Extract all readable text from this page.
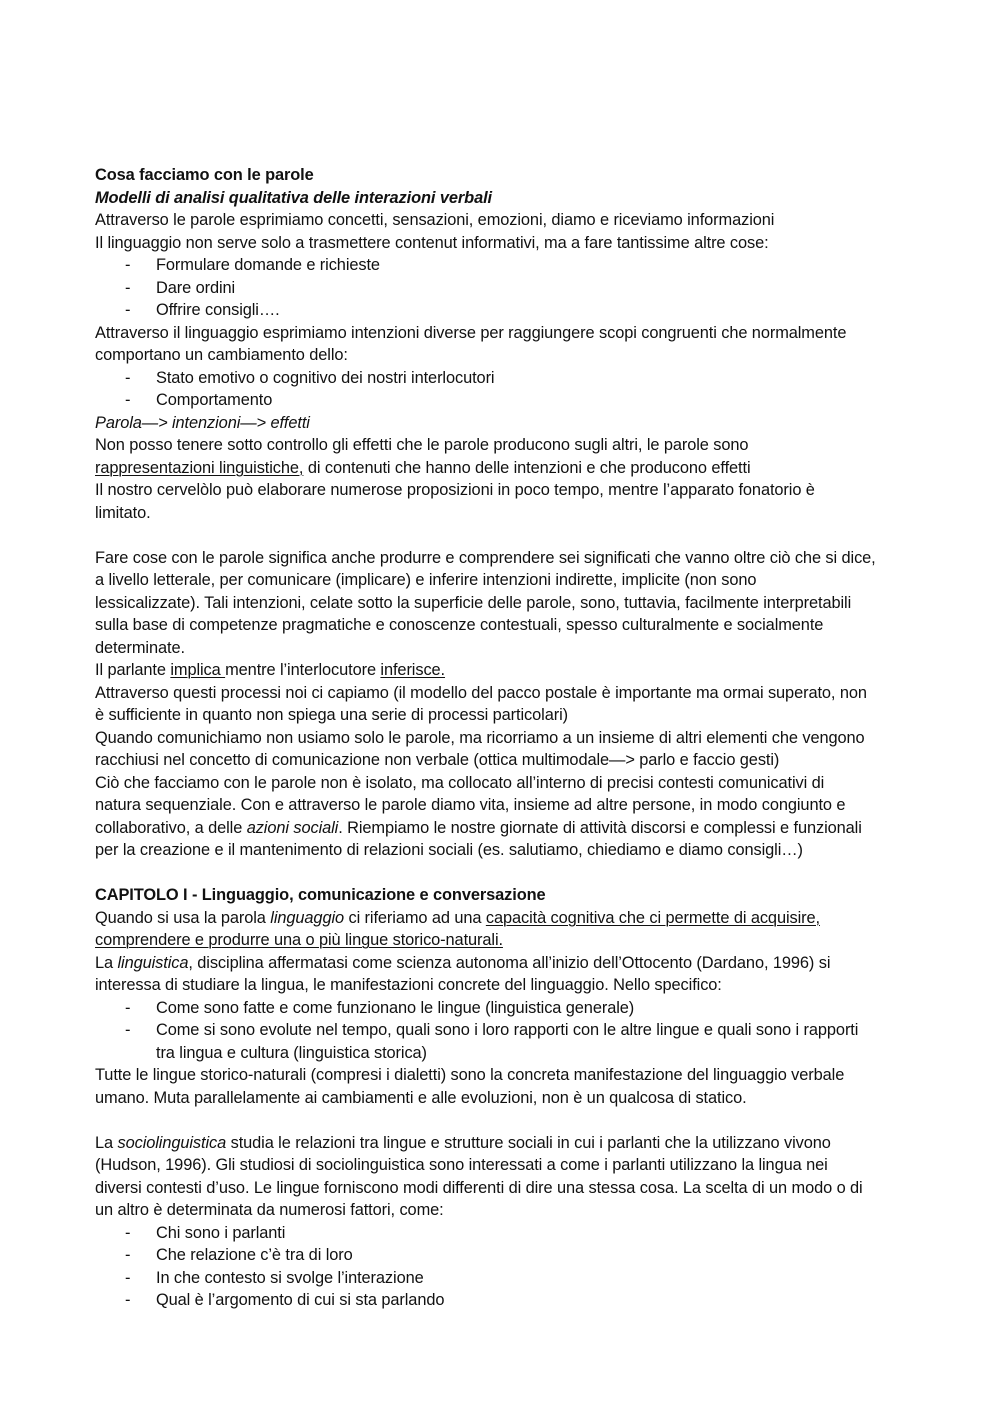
Cosa facciamo con le parole
Modelli di analisi qualitativa delle interazioni verbali
Attraverso le parole esprimiamo concetti, sensazioni, emozioni, diamo e riceviamo informazioni
Il linguaggio non serve solo a trasmettere contenut informativi, ma a fare tantissime altre cose:
- Formulare domande e richieste
- Dare ordini
- Offrire consigli….
Attraverso il linguaggio esprimiamo intenzioni diverse per raggiungere scopi congruenti che normalmente
comportano un cambiamento dello:
- Stato emotivo o cognitivo dei nostri interlocutori
- Comportamento
Parola—> intenzioni—> effetti
Non posso tenere sotto controllo gli effetti che le parole producono sugli altri, le parole sono
rappresentazioni linguistiche, di contenuti che hanno delle intenzioni e che producono effetti
Il nostro cervelòlo può elaborare numerose proposizioni in poco tempo, mentre l’apparato fonatorio è
limitato.
Fare cose con le parole significa anche produrre e comprendere sei significati che vanno oltre ciò che si dice,
a livello letterale, per comunicare (implicare) e inferire intenzioni indirette, implicite (non sono
lessicalizzate). Tali intenzioni, celate sotto la superficie delle parole, sono, tuttavia, facilmente interpretabili
sulla base di competenze pragmatiche e conoscenze contestuali, spesso culturalmente e socialmente
determinate.
Il parlante implica mentre l’interlocutore inferisce.
Attraverso questi processi noi ci capiamo (il modello del pacco postale è importante ma ormai superato, non
è sufficiente in quanto non spiega una serie di processi particolari)
Quando comunichiamo non usiamo solo le parole, ma ricorriamo a un insieme di altri elementi che vengono
racchiusi nel concetto di comunicazione non verbale (ottica multimodale—> parlo e faccio gesti)
Ciò che facciamo con le parole non è isolato, ma collocato all’interno di precisi contesti comunicativi di
natura sequenziale. Con e attraverso le parole diamo vita, insieme ad altre persone, in modo congiunto e
collaborativo, a delle azioni sociali. Riempiamo le nostre giornate di attività discorsi e complessi e funzionali
per la creazione e il mantenimento di relazioni sociali (es. salutiamo, chiediamo e diamo consigli…)
CAPITOLO I - Linguaggio, comunicazione e conversazione
Quando si usa la parola linguaggio ci riferiamo ad una capacità cognitiva che ci permette di acquisire,
comprendere e produrre una o più lingue storico-naturali.
La linguistica, disciplina affermatasi come scienza autonoma all’inizio dell’Ottocento (Dardano, 1996) si
interessa di studiare la lingua, le manifestazioni concrete del linguaggio. Nello specifico:
- Come sono fatte e come funzionano le lingue (linguistica generale)
- Come si sono evolute nel tempo, quali sono i loro rapporti con le altre lingue e quali sono i rapporti
tra lingua e cultura (linguistica storica)
Tutte le lingue storico-naturali (compresi i dialetti) sono la concreta manifestazione del linguaggio verbale
umano. Muta parallelamente ai cambiamenti e alle evoluzioni, non è un qualcosa di statico.
La sociolinguistica studia le relazioni tra lingue e strutture sociali in cui i parlanti che la utilizzano vivono
(Hudson, 1996). Gli studiosi di sociolinguistica sono interessati a come i parlanti utilizzano la lingua nei
diversi contesti d’uso. Le lingue forniscono modi differenti di dire una stessa cosa. La scelta di un modo o di
un altro è determinata da numerosi fattori, come:
- Chi sono i parlanti
- Che relazione c’è tra di loro
- In che contesto si svolge l’interazione
- Qual è l’argomento di cui si sta parlando
